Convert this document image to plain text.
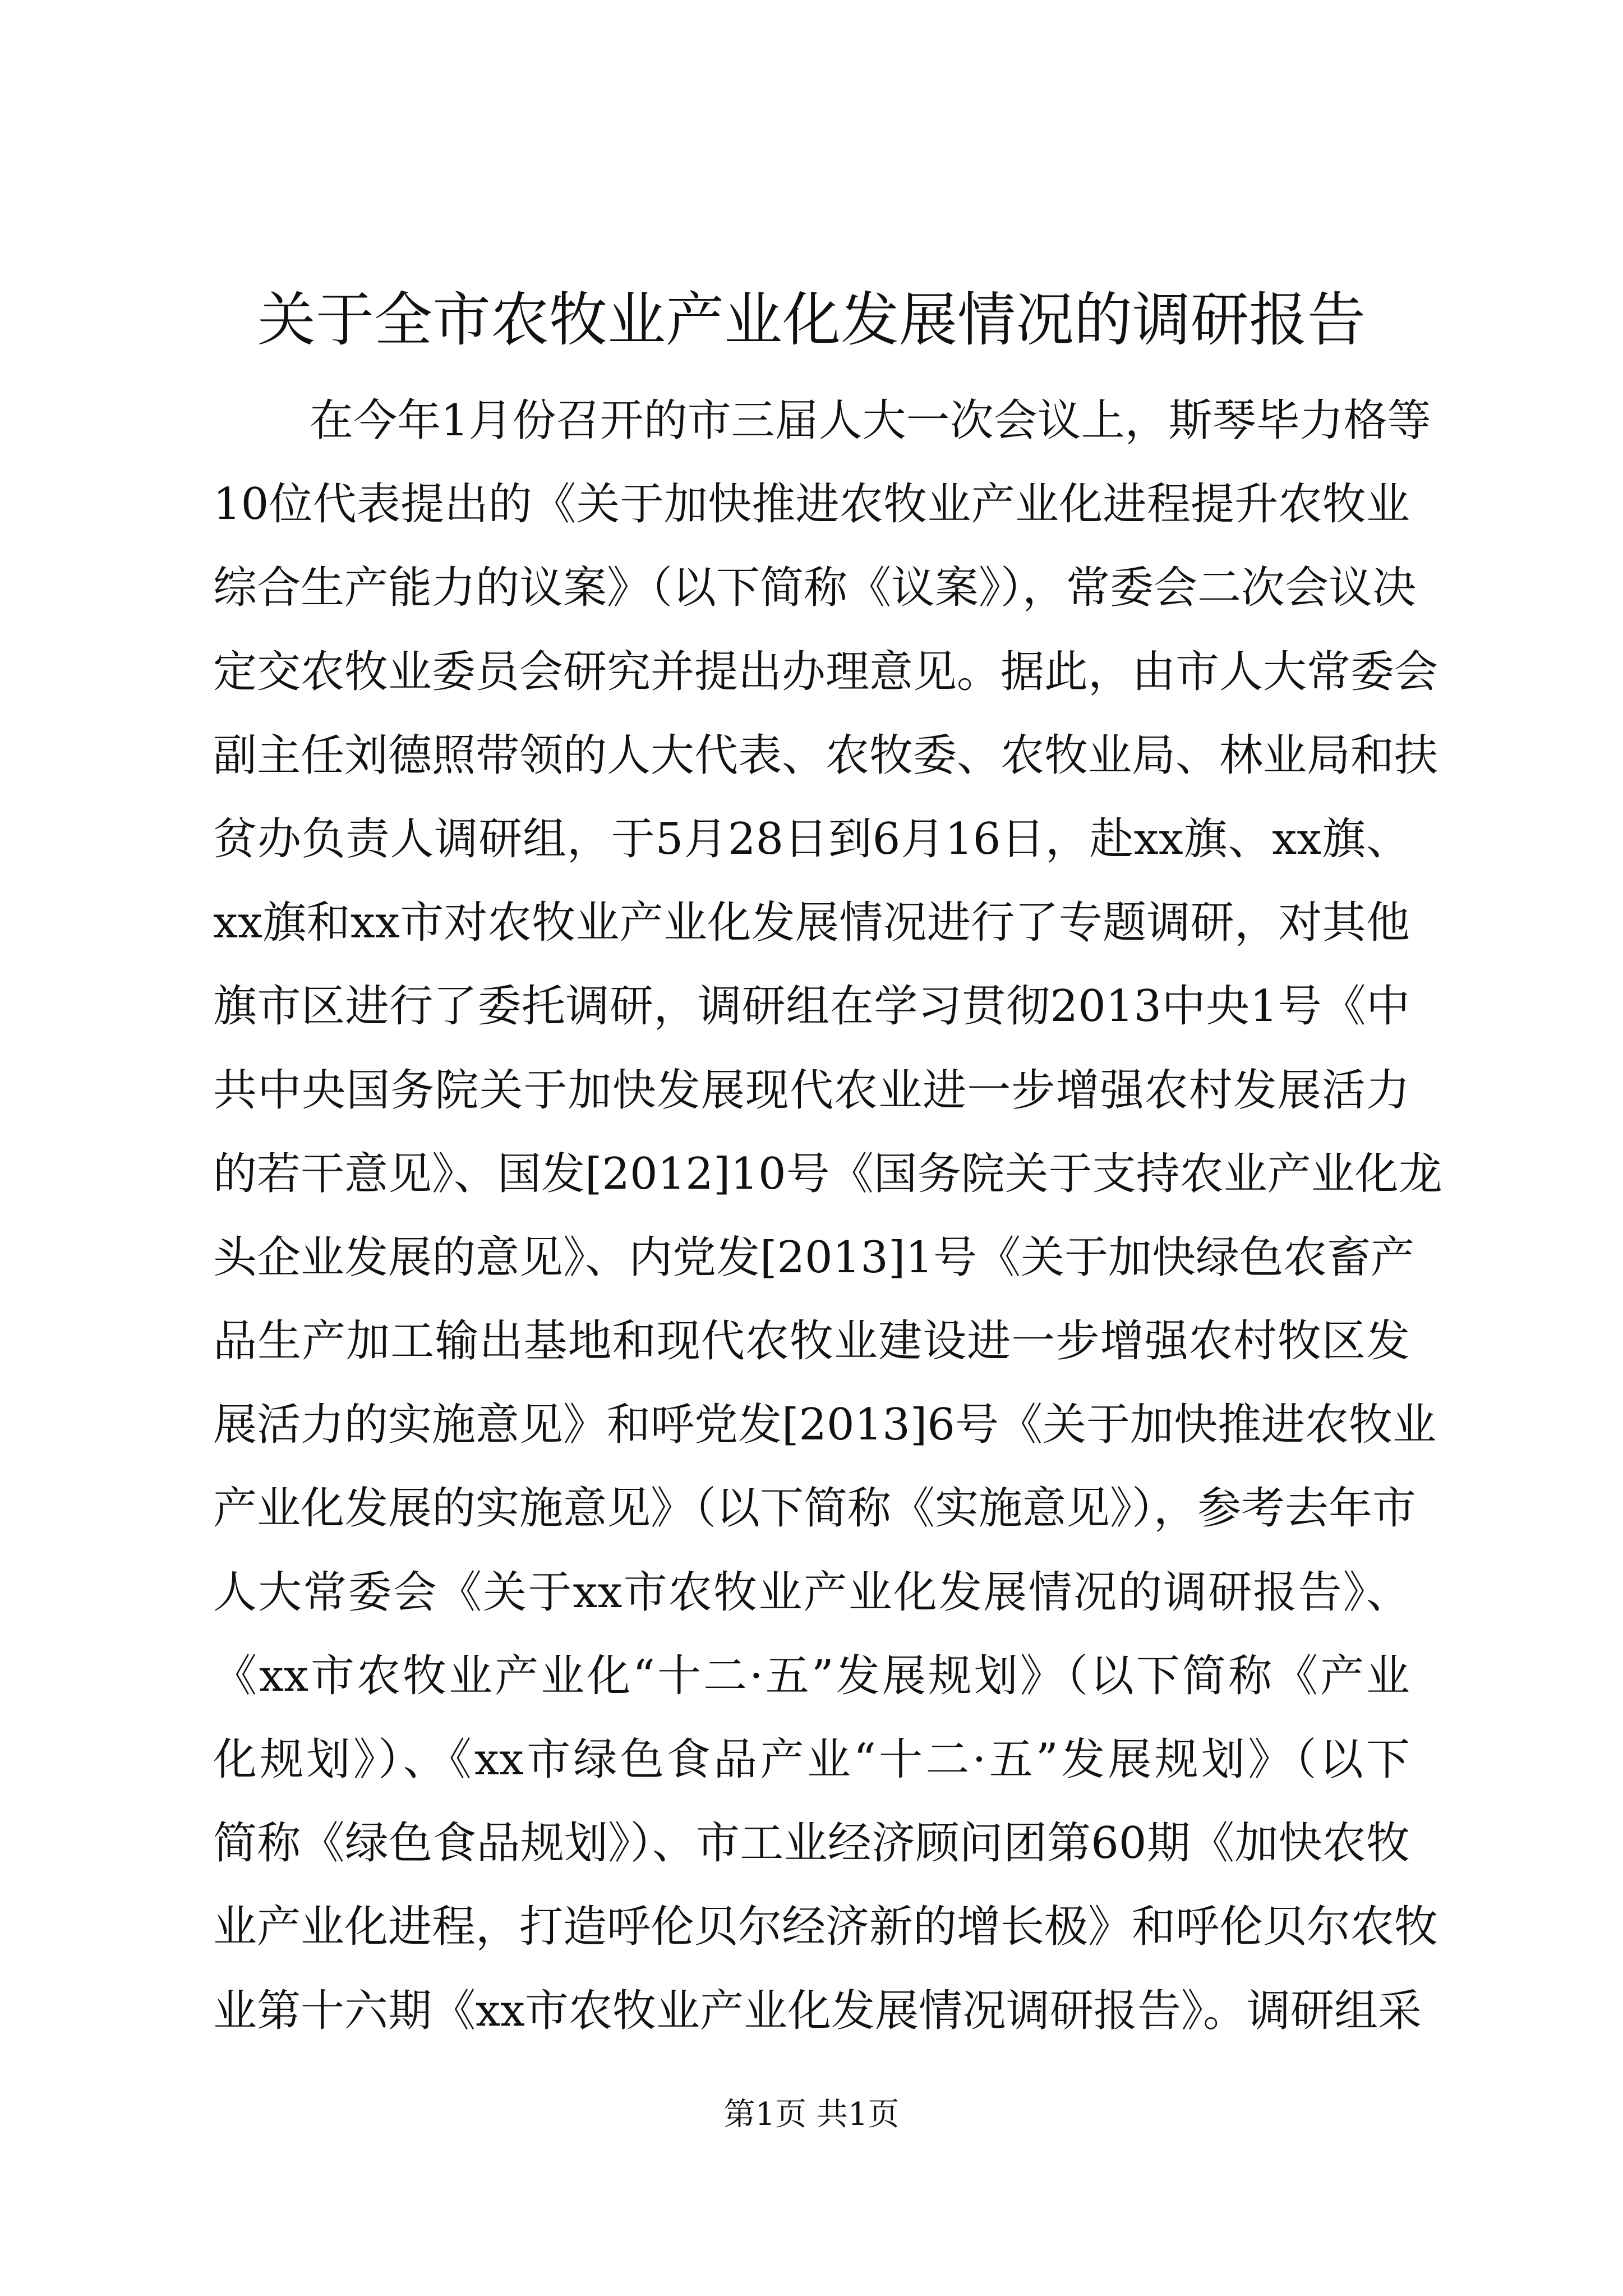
关于全市农牧业产业化发展情况的调研报告
在今年1月份召开的市三届人大一次会议上，斯琴毕力格等
10位代表提出的《关于加快推进农牧业产业化进程提升农牧业
综合生产能力的议案》（以下简称《议案》），常委会二次会议决
定交农牧业委员会研究并提出办理意见。据此，由市人大常委会
副主任刘德照带领的人大代表、农牧委、农牧业局、林业局和扶
贫办负责人调研组，于5月28日到6月16日，赴xx旗、xx旗、
xx旗和xx市对农牧业产业化发展情况进行了专题调研，对其他
旗市区进行了委托调研，调研组在学习贯彻2013中央1号《中
共中央国务院关于加快发展现代农业进一步增强农村发展活力
的若干意见》、国发[2012]10号《国务院关于支持农业产业化龙
头企业发展的意见》、内党发[2013]1号《关于加快绿色农畜产
品生产加工输出基地和现代农牧业建设进一步增强农村牧区发
展活力的实施意见》和呼党发[2013]6号《关于加快推进农牧业
产业化发展的实施意见》（以下简称《实施意见》），参考去年市
人大常委会《关于xx市农牧业产业化发展情况的调研报告》、
《xx市农牧业产业化“十二·五”发展规划》（以下简称《产业
化规划》）、《xx市绿色食品产业“十二·五”发展规划》（以下
简称《绿色食品规划》）、市工业经济顾问团第60期《加快农牧
业产业化进程，打造呼伦贝尔经济新的增长极》和呼伦贝尔农牧
业第十六期《xx市农牧业产业化发展情况调研报告》。调研组采
第1页 共1页
